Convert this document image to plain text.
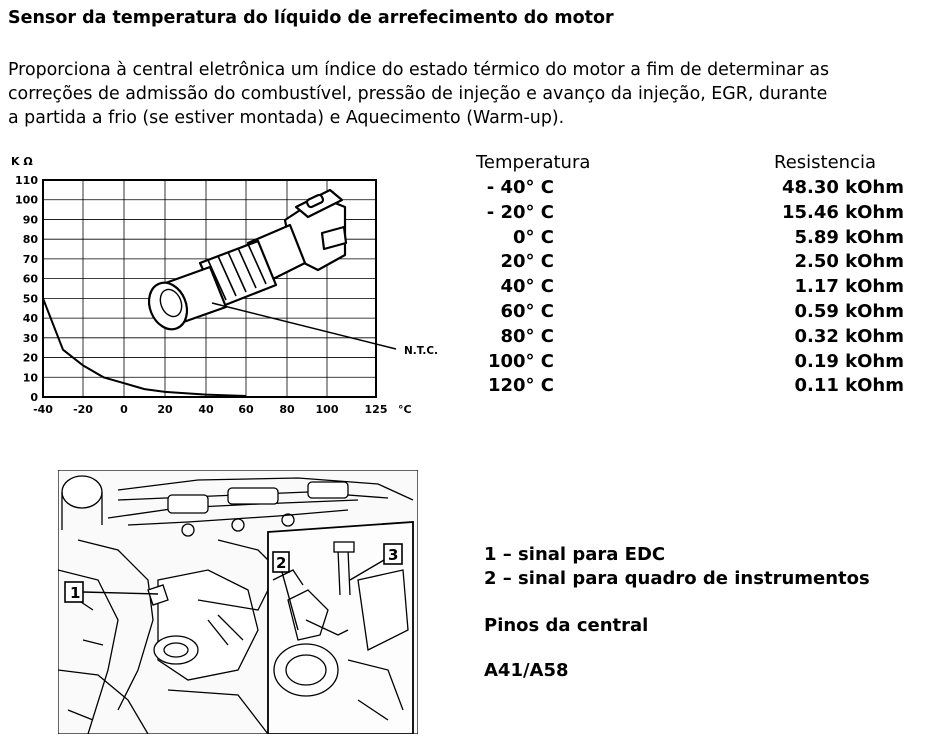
Sensor da temperatura do líquido de arrefecimento do motor
Proporciona à central eletrônica um índice do estado térmico do motor a fim de determinar as
correções de admissão do combustível, pressão de injeção e avanço da injeção, EGR, durante
a partida a frio (se estiver montada) e Aquecimento (Warm-up).
N.T.C.
K Ω
°C
0
10
20
30
40
50
60
70
80
90
100
110
-40 -20 0	20 40 60 80 100 125
Temperatura	Resistencia
- 40° C	48.30 kOhm
- 20° C	15.46 kOhm
0° C	5.89 kOhm
20° C	2.50 kOhm
40° C	1.17 kOhm
60° C	0.59 kOhm
80° C	0.32 kOhm
100° C	0.19 kOhm
120° C	0.11 kOhm
2	3
1
1 – sinal para EDC
2 – sinal para quadro de instrumentos
Pinos da central
A41/A58
